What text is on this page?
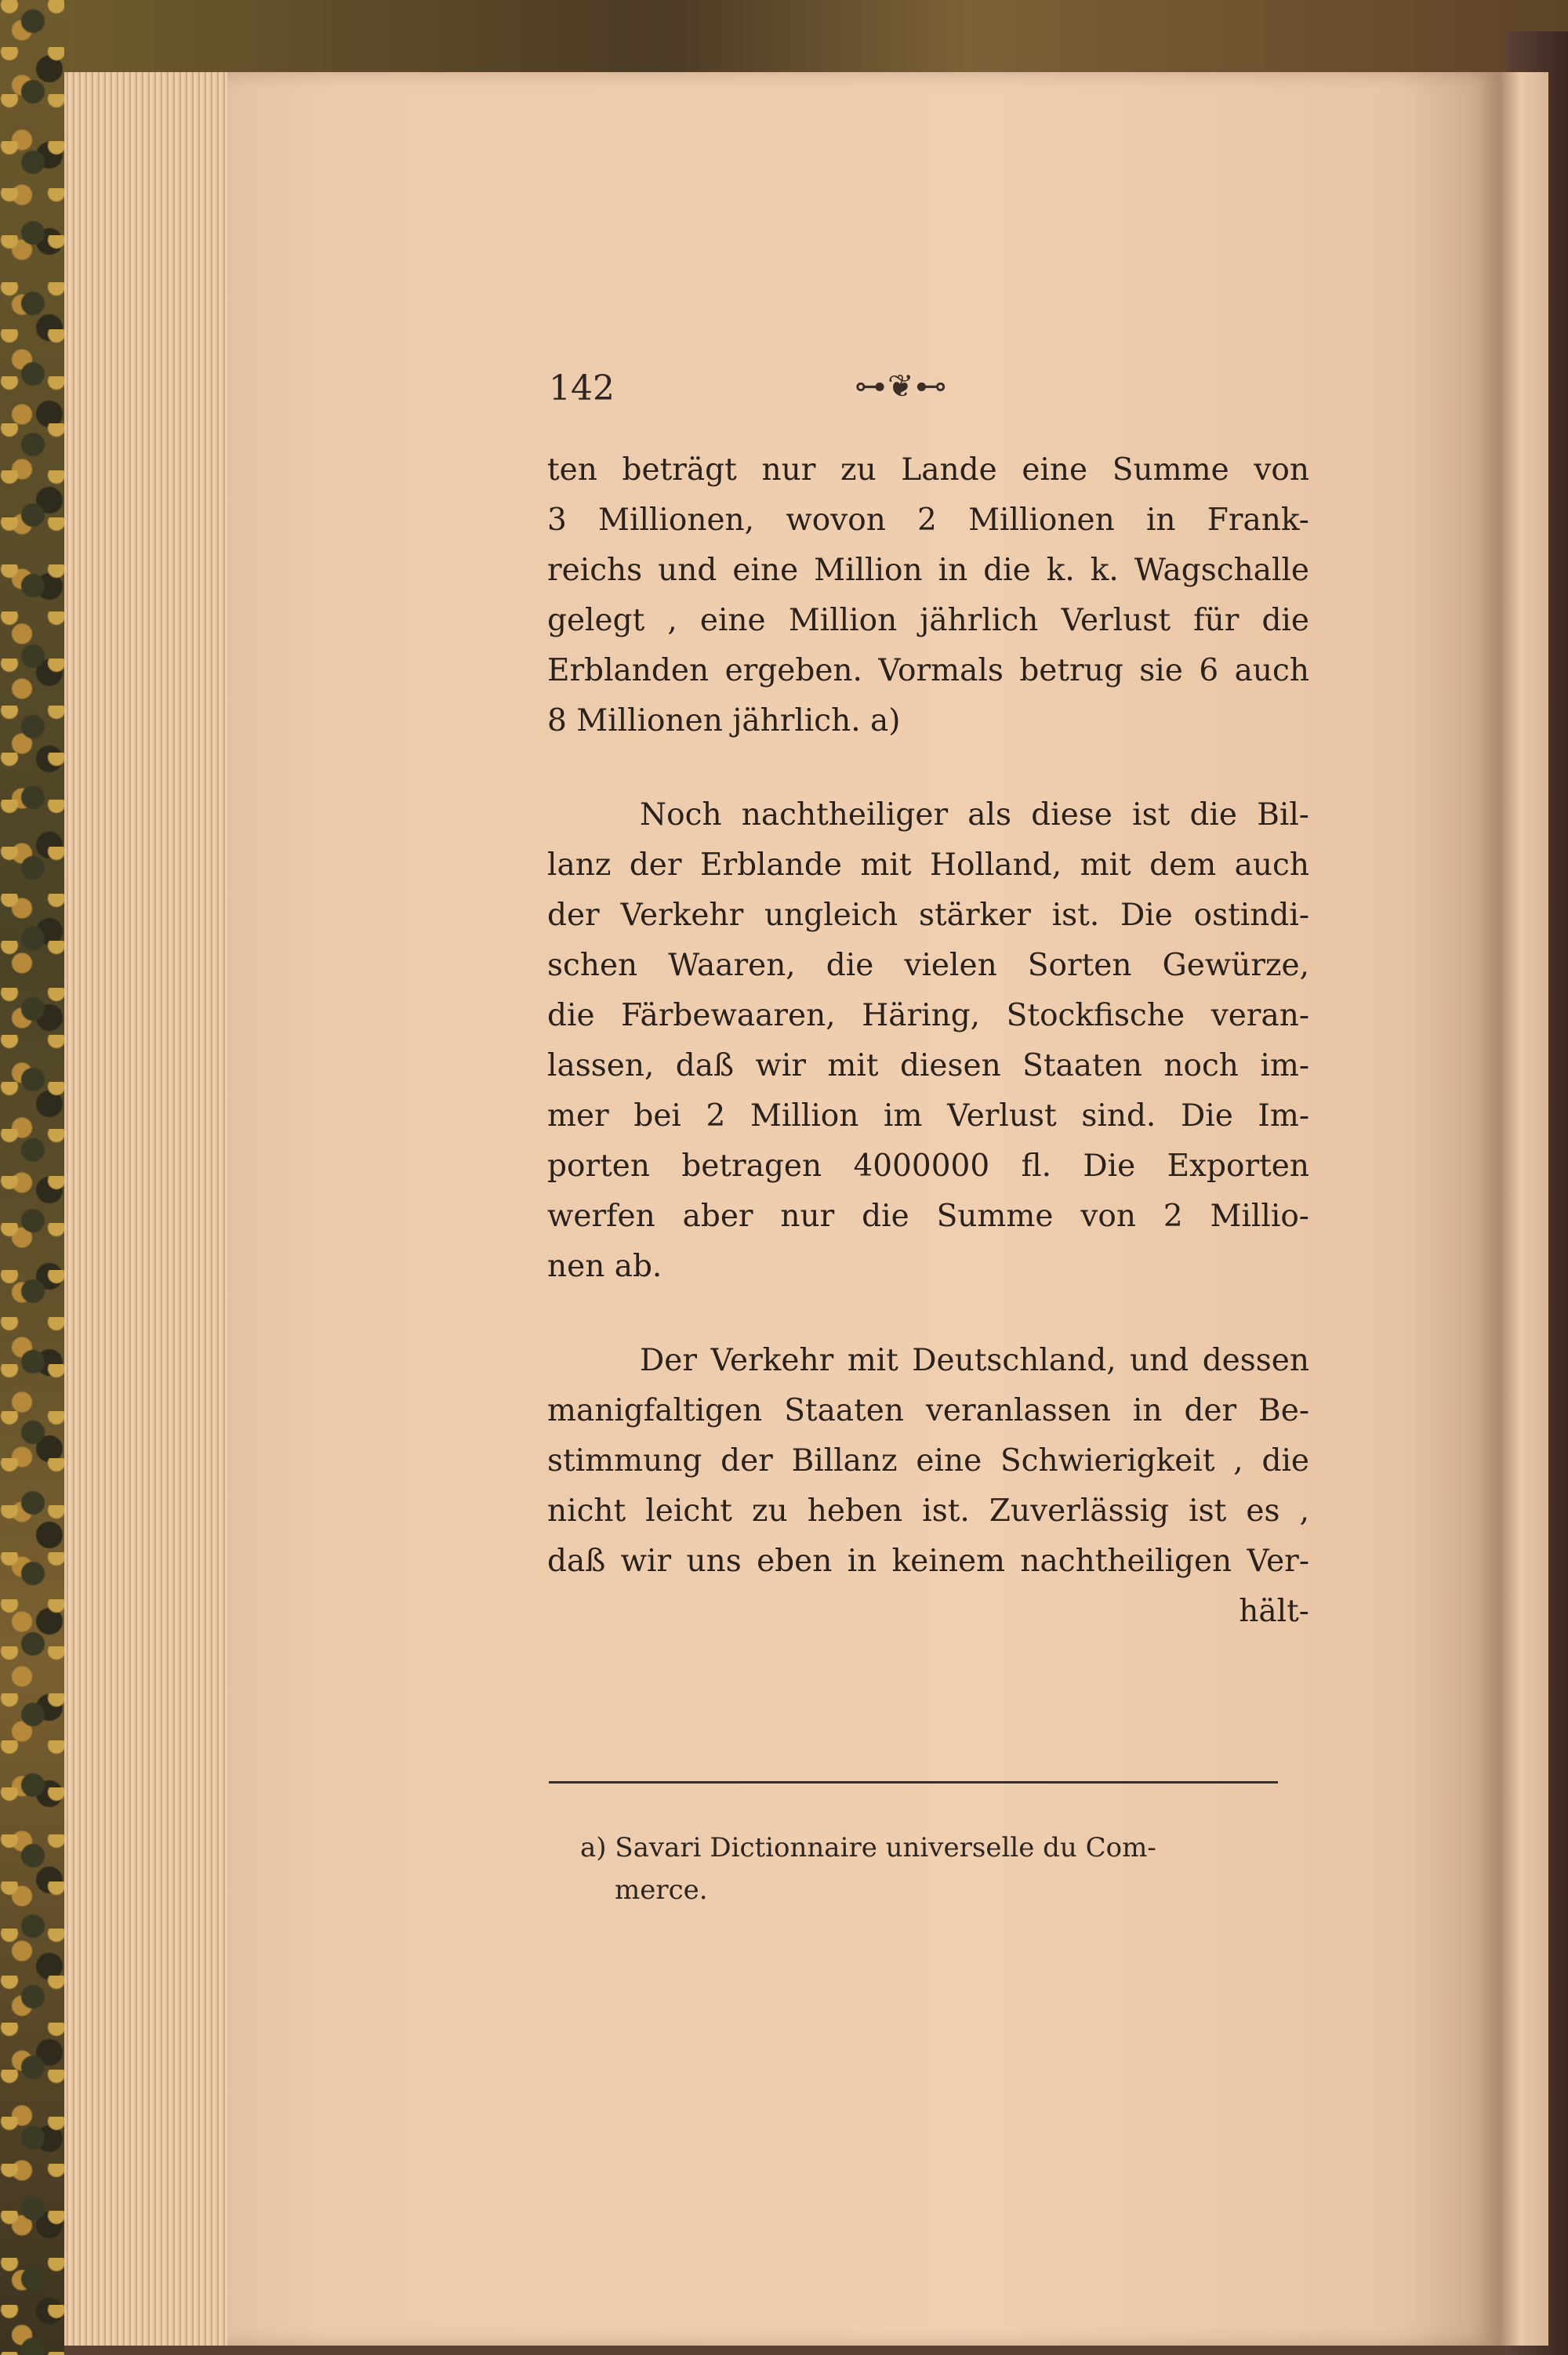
142	⊶❦⊷
ten beträgt nur zu Lande eine Summe von
3 Millionen, wovon 2 Millionen in Frank-
reichs und eine Million in die k. k. Wagschalle
gelegt , eine Million jährlich Verlust für die
Erblanden ergeben. Vormals betrug sie 6 auch
8 Millionen jährlich. a)
Noch nachtheiliger als diese ist die Bil-
lanz der Erblande mit Holland, mit dem auch
der Verkehr ungleich stärker ist. Die ostindi-
schen Waaren, die vielen Sorten Gewürze,
die Färbewaaren, Häring, Stockfische veran-
lassen, daß wir mit diesen Staaten noch im-
mer bei 2 Million im Verlust sind. Die Im-
porten betragen 4000000 fl. Die Exporten
werfen aber nur die Summe von 2 Millio-
nen ab.
Der Verkehr mit Deutschland, und dessen
manigfaltigen Staaten veranlassen in der Be-
stimmung der Billanz eine Schwierigkeit , die
nicht leicht zu heben ist. Zuverlässig ist es ,
daß wir uns eben in keinem nachtheiligen Ver-
hält-
a) Savari Dictionnaire universelle du Com-
merce.
